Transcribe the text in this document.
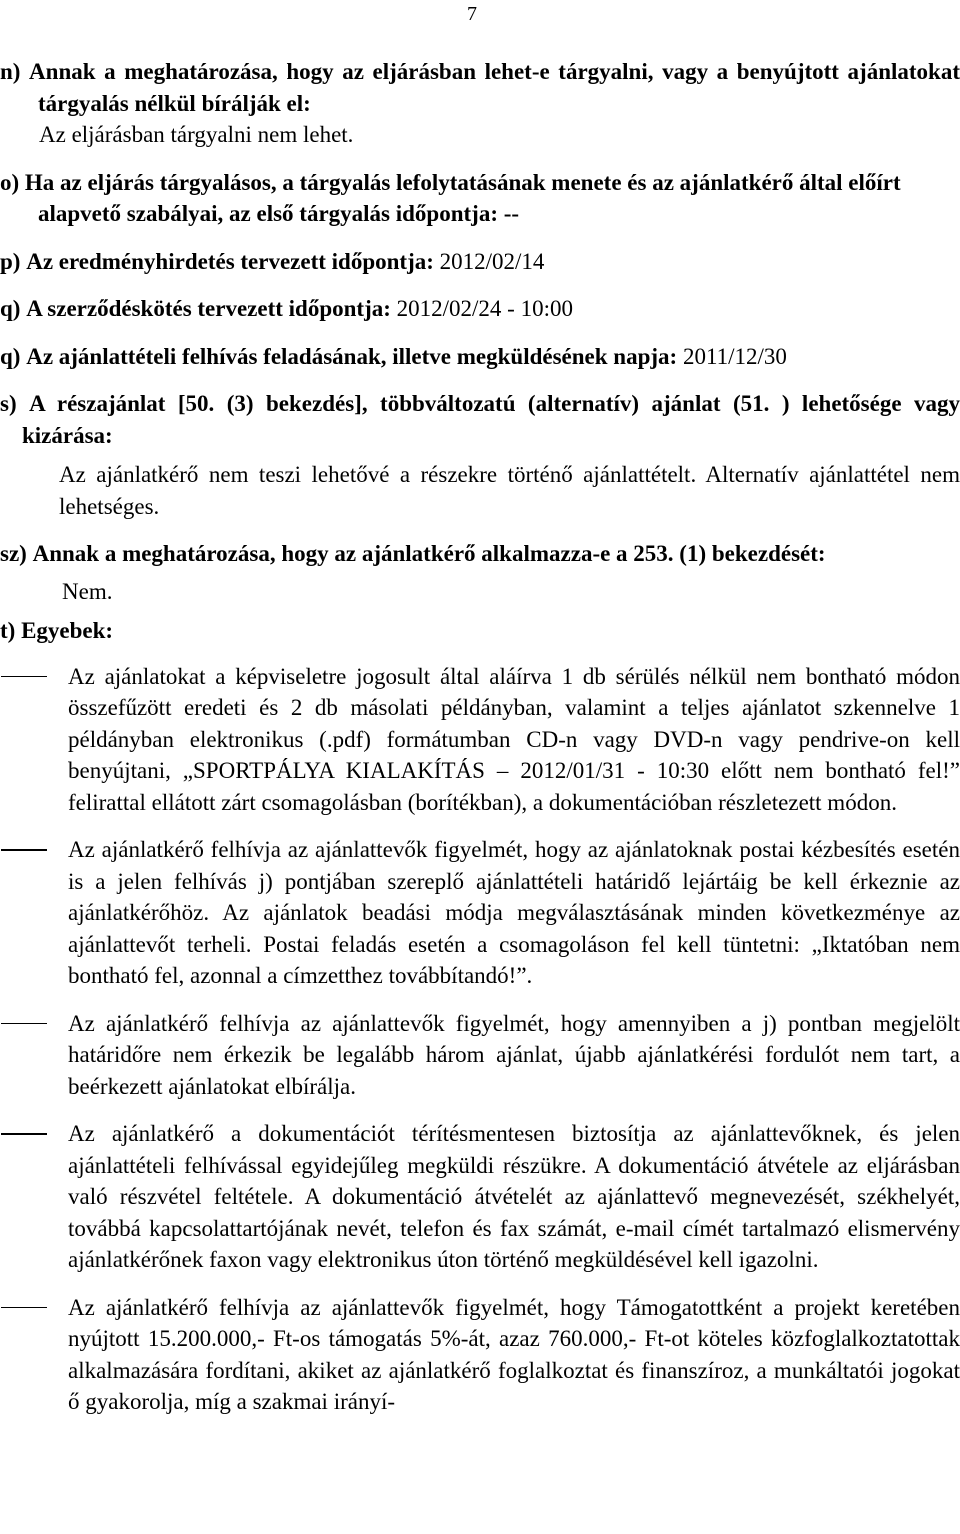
7
n) Annak a meghatározása, hogy az eljárásban lehet-e tárgyalni, vagy a benyújtott ajánlatokat tárgyalás nélkül bírálják el:

Az eljárásban tárgyalni nem lehet.

o) Ha az eljárás tárgyalásos, a tárgyalás lefolytatásának menete és az ajánlatkérő által előírt alapvető szabályai, az első tárgyalás időpontja: --
p) Az eredményhirdetés tervezett időpontja: 2012/02/14
q) A szerződéskötés tervezett időpontja: 2012/02/24 - 10:00
q) Az ajánlattételi felhívás feladásának, illetve megküldésének napja: 2011/12/30
s) A részajánlat [50. (3) bekezdés], többváltozatú (alternatív) ajánlat (51. ) lehetősége vagy kizárása:

Az ajánlatkérő nem teszi lehetővé a részekre történő ajánlattételt. Alternatív ajánlattétel nem lehetséges.

sz) Annak a meghatározása, hogy az ajánlatkérő alkalmazza-e a 253. (1) bekezdését:

Nem.

t) Egyebek:
Az ajánlatokat a képviseletre jogosult által aláírva 1 db sérülés nélkül nem bontható módon összefűzött eredeti és 2 db másolati példányban, valamint a teljes ajánlatot szkennelve 1 példányban elektronikus (.pdf) formátumban CD-n vagy DVD-n vagy pendrive-on kell benyújtani, „SPORTPÁLYA KIALAKÍTÁS – 2012/01/31 - 10:30 előtt nem bontható fel!” felirattal ellátott zárt csomagolásban (borítékban), a dokumentációban részletezett módon.
Az ajánlatkérő felhívja az ajánlattevők figyelmét, hogy az ajánlatoknak postai kézbesítés esetén is a jelen felhívás j) pontjában szereplő ajánlattételi határidő lejártáig be kell érkeznie az ajánlatkérőhöz. Az ajánlatok beadási módja megválasztásának minden következménye az ajánlattevőt terheli. Postai feladás esetén a csomagoláson fel kell tüntetni: „Iktatóban nem bontható fel, azonnal a címzetthez továbbítandó!”.
Az ajánlatkérő felhívja az ajánlattevők figyelmét, hogy amennyiben a j) pontban megjelölt határidőre nem érkezik be legalább három ajánlat, újabb ajánlatkérési fordulót nem tart, a beérkezett ajánlatokat elbírálja.
Az ajánlatkérő a dokumentációt térítésmentesen biztosítja az ajánlattevőknek, és jelen ajánlattételi felhívással egyidejűleg megküldi részükre. A dokumentáció átvétele az eljárásban való részvétel feltétele. A dokumentáció átvételét az ajánlattevő megnevezését, székhelyét, továbbá kapcsolattartójának nevét, telefon és fax számát, e-mail címét tartalmazó elismervény ajánlatkérőnek faxon vagy elektronikus úton történő megküldésével kell igazolni.
Az ajánlatkérő felhívja az ajánlattevők figyelmét, hogy Támogatottként a projekt keretében nyújtott 15.200.000,- Ft-os támogatás 5%-át, azaz 760.000,- Ft-ot köteles közfoglalkoztatottak alkalmazására fordítani, akiket az ajánlatkérő foglalkoztat és finanszíroz, a munkáltatói jogokat ő gyakorolja, míg a szakmai irányí-
